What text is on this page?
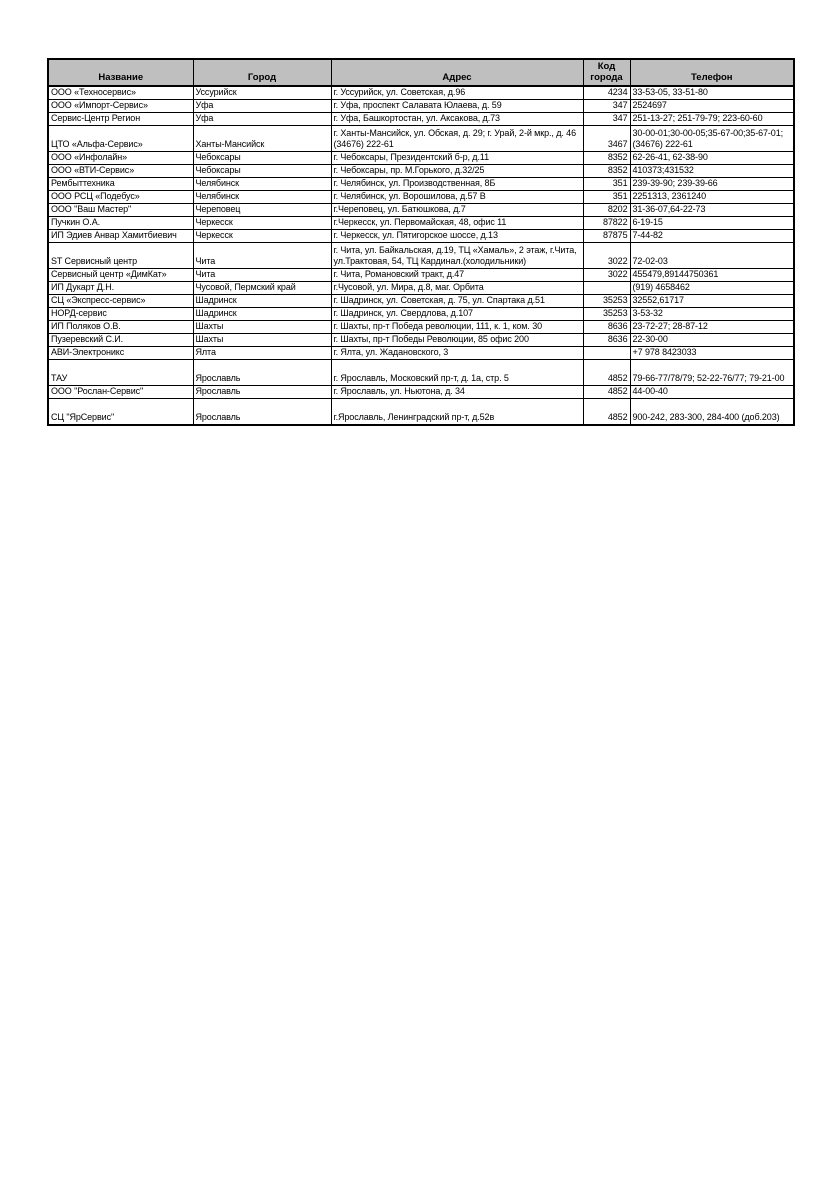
Название	Город	Адрес	Код города	Телефон
ООО «Техносервис»	Уссурийск	г. Уссурийск, ул. Советская, д.96	4234	33-53-05, 33-51-80
ООО «Импорт-Сервис»	Уфа	г. Уфа, проспект Салавата Юлаева, д. 59	347	2524697
Сервис-Центр Регион	Уфа	г. Уфа, Башкортостан, ул. Аксакова, д.73	347	251-13-27; 251-79-79; 223-60-60
ЦТО «Альфа-Сервис»	Ханты-Мансийск	г. Ханты-Мансийск, ул. Обская, д. 29; г. Урай, 2-й мкр., д. 46 (34676) 222-61	3467	30-00-01;30-00-05;35-67-00;35-67-01;(34676) 222-61
ООО «Инфолайн»	Чебоксары	г. Чебоксары, Президентский б-р, д.11	8352	62-26-41, 62-38-90
ООО «ВТИ-Сервис»	Чебоксары	г. Чебоксары, пр. М.Горького, д.32/25	8352	410373;431532
Рембыттехника	Челябинск	г. Челябинск, ул. Производственная, 8Б	351	239-39-90; 239-39-66
ООО РСЦ «Подебус»	Челябинск	г. Челябинск, ул. Ворошилова, д.57 В	351	2251313, 2361240
ООО "Ваш Мастер"	Череповец	г.Череповец, ул. Батюшкова, д.7	8202	31-36-07,64-22-73
Пучкин О.А.	Черкесск	г.Черкесск, ул. Первомайская, 48, офис 11	87822	6-19-15
ИП Эдиев Анвар Хамитбиевич	Черкесск	г. Черкесск, ул. Пятигорское шоссе, д.13	87875	7-44-82
ST Сервисный центр	Чита	г. Чита, ул. Байкальская, д.19, ТЦ «Хамаль», 2 этаж, г.Чита, ул.Трактовая, 54, ТЦ Кардинал.(холодильники)	3022	72-02-03
Сервисный центр «ДимКат»	Чита	г. Чита, Романовский тракт, д.47	3022	455479,89144750361
ИП Дукарт Д.Н.	Чусовой, Пермский край	г.Чусовой, ул. Мира, д.8, маг. Орбита		(919) 4658462
СЦ «Экспресс-сервис»	Шадринск	г. Шадринск, ул. Советская, д. 75, ул. Спартака д.51	35253	32552,61717
НОРД-сервис	Шадринск	г. Шадринск, ул. Свердлова, д.107	35253	3-53-32
ИП Поляков О.В.	Шахты	г. Шахты, пр-т Победа революции, 111, к. 1, ком. 30	8636	23-72-27; 28-87-12
Пузеревский С.И.	Шахты	г. Шахты, пр-т Победы Революции, 85 офис 200	8636	22-30-00
АВИ-Электроникс	Ялта	г. Ялта, ул. Жадановского, 3		+7 978 8423033
ТАУ	Ярославль	г. Ярославль, Московский пр-т, д. 1а, стр. 5	4852	79-66-77/78/79; 52-22-76/77; 79-21-00
ООО "Рослан-Сервис"	Ярославль	г. Ярославль, ул. Ньютона, д. 34	4852	44-00-40
СЦ "ЯрСервис"	Ярославль	г.Ярославль, Ленинградский пр-т, д.52в	4852	900-242, 283-300, 284-400 (доб.203)
